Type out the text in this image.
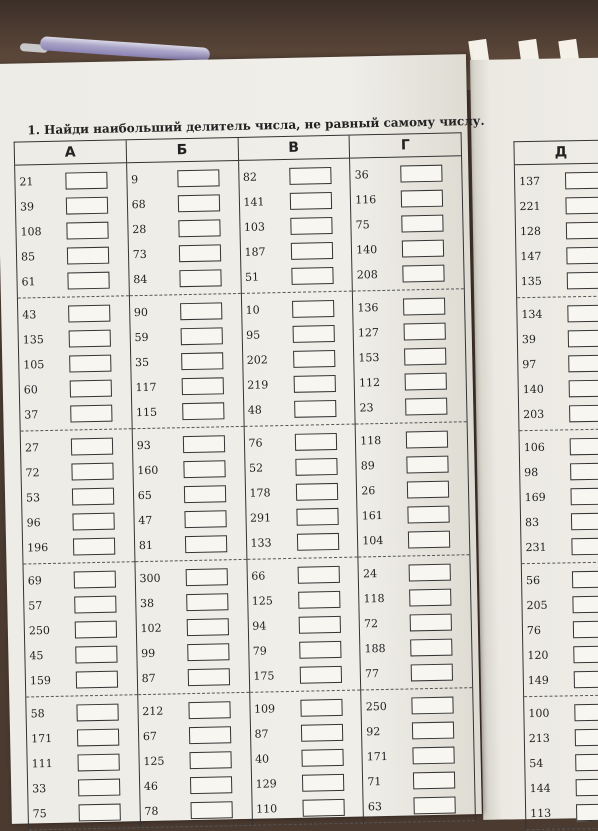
Д
137
221
128
147
135
134
39
97
140
203
106
98
169
83
231
56
205
76
120
149
100
213
54
144
113
1. Найди наибольший делитель числа, не равный самому числу.
А
21
39
108
85
61
43
135
105
60
37
27
72
53
96
196
69
57
250
45
159
58
171
111
33
75
Б
9
68
28
73
84
90
59
35
117
115
93
160
65
47
81
300
38
102
99
87
212
67
125
46
78
В
82
141
103
187
51
10
95
202
219
48
76
52
178
291
133
66
125
94
79
175
109
87
40
129
110
Г
36
116
75
140
208
136
127
153
112
23
118
89
26
161
104
24
118
72
188
77
250
92
171
71
63
